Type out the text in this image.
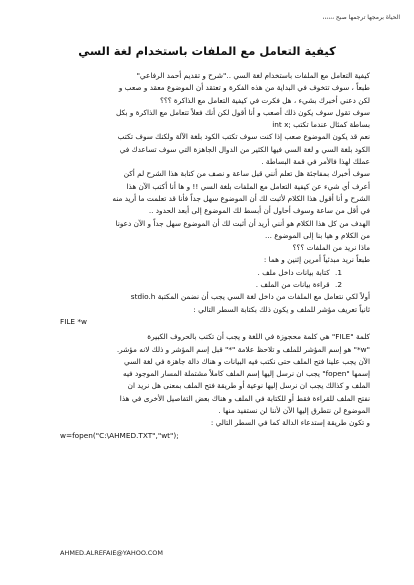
الحياة برمجها ترجمها صبح ،،،،،،
كيفية التعامل مع الملفات باستخدام لغة السي

كيفية التعامل مع الملفات باستخدام لغة السي .."شرح و تقديم أحمد الرفاعي"

طبعاً ، سوف تتخوف في البداية من هذه الفكرة و تعتقد أن الموضوع معقد و صعب و

لكن دعني أخبرك بشيء ، هل فكرت في كيفية التعامل مع الذاكرة ؟؟؟

سوف تقول سوف يكون ذلك أصعب و أنا أقول لكن أنك فعلاً تتعامل مع الذاكرة و بكل

بساطة كمثال عندما تكتب ;int x

نعم قد يكون الموضوع صعب إذا كنت سوف تكتب الكود بلغة الآلة ولكنك سوف تكتب

الكود بلغة السي و لغة السي فيها الكثير من الدوال الجاهزة التي سوف تساعدك في

عملك لهذا فالأمر في قمة البساطة .

سوف أخبرك بمفاجئة هل تعلم أنني قبل ساعة و نصف من كتابة هذا الشرح لم أكن

أعرف أي شيء عن كيفية التعامل مع الملفات بلغة السي !! و ها أنا أكتب الآن هذا

الشرح و أنا أقول هذا الكلام لأثبت لك أن الموضوع سهل جداً فأنا قد تعلمت ما أريد منه

في أقل من ساعة وسوف أحاول أن أبسط لك الموضوع إلى أبعد الحدود ..

الهدف من كل هذا الكلام هو أنني أريد أن أثبت لك أن الموضوع سهل جداً و الآن دعونا

من الكلام و هيا بنا إلى الموضوع ...

ماذا نريد من الملفات ؟؟؟

طبعاً نريد مبدئياً أمرين إثنين و هما :

1. كتابة بيانات داخل ملف .
2. قراءة بيانات من الملف .

أولاً لكي نتعامل مع الملفات من داخل لغة السي يجب أن نضمن المكتبة stdio.h

ثانياً تعريف مؤشر للملف و يكون ذلك بكتابة السطر التالي :

FILE *w

كلمة "FILE" هي كلمة محجوزة في اللغة و يجب أن تكتب بالحروف الكبيرة

"w*" هو إسم المؤشر للملف و تلاحظ علامة "*" قبل إسم المؤشر و ذلك لانه مؤشر.

الآن يجب علينا فتح الملف حتى نكتب فيه البيانات و هناك دالة جاهزة في لغة السي

إسمها "fopen" يجب ان نرسل إليها إسم الملف كاملاً مشتملة المسار الموجود فيه

الملف و كذالك يجب ان نرسل إليها نوعية أو طريقة فتح الملف بمعنى هل نريد ان

نفتح الملف للقراءة فقط أو للكتابة في الملف و هناك بعض التفاصيل الأخرى في هذا

الموضوع لن نتطرق إليها الآن لأننا لن نستفيد منها .

و تكون طريقة إستدعاء الدالة كما في السطر التالي :

w=fopen("C:\AHMED.TXT","wt");

AHMED.ALREFAIE@YAHOO.COM
